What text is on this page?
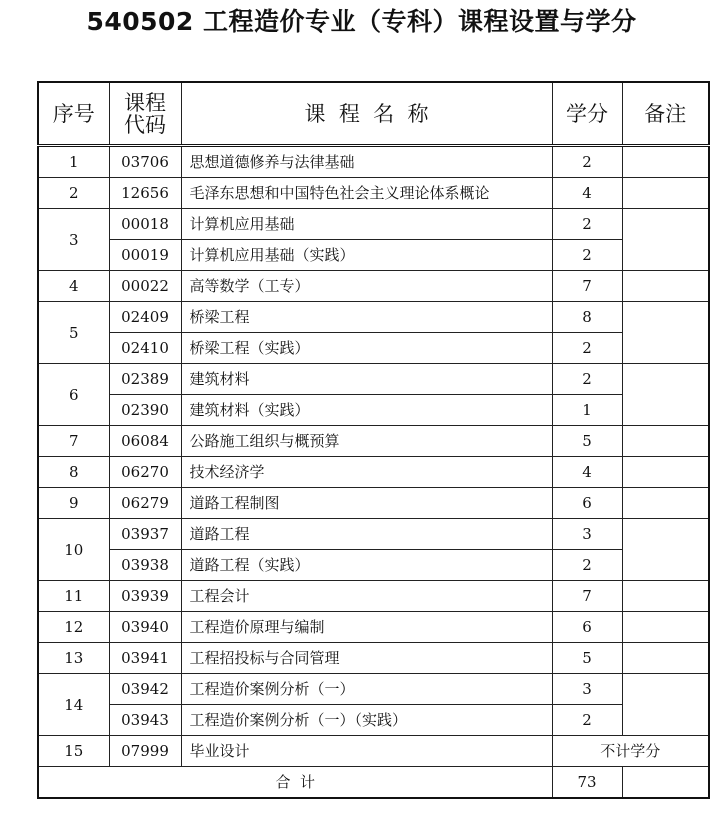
540502 工程造价专业（专科）课程设置与学分
序号	课程
代码	课  程  名  称	学分	备注
1	03706	思想道德修养与法律基础	2	
2	12656	毛泽东思想和中国特色社会主义理论体系概论	4	
3	00018	计算机应用基础	2	
	00019	计算机应用基础（实践）	2	
4	00022	高等数学（工专）	7	
5	02409	桥梁工程	8	
	02410	桥梁工程（实践）	2	
6	02389	建筑材料	2	
	02390	建筑材料（实践）	1	
7	06084	公路施工组织与概预算	5	
8	06270	技术经济学	4	
9	06279	道路工程制图	6	
10	03937	道路工程	3	
	03938	道路工程（实践）	2	
11	03939	工程会计	7	
12	03940	工程造价原理与编制	6	
13	03941	工程招投标与合同管理	5	
14	03942	工程造价案例分析（一）	3	
	03943	工程造价案例分析（一）（实践）	2	
15	07999	毕业设计	不计学分	
合  计			73	
